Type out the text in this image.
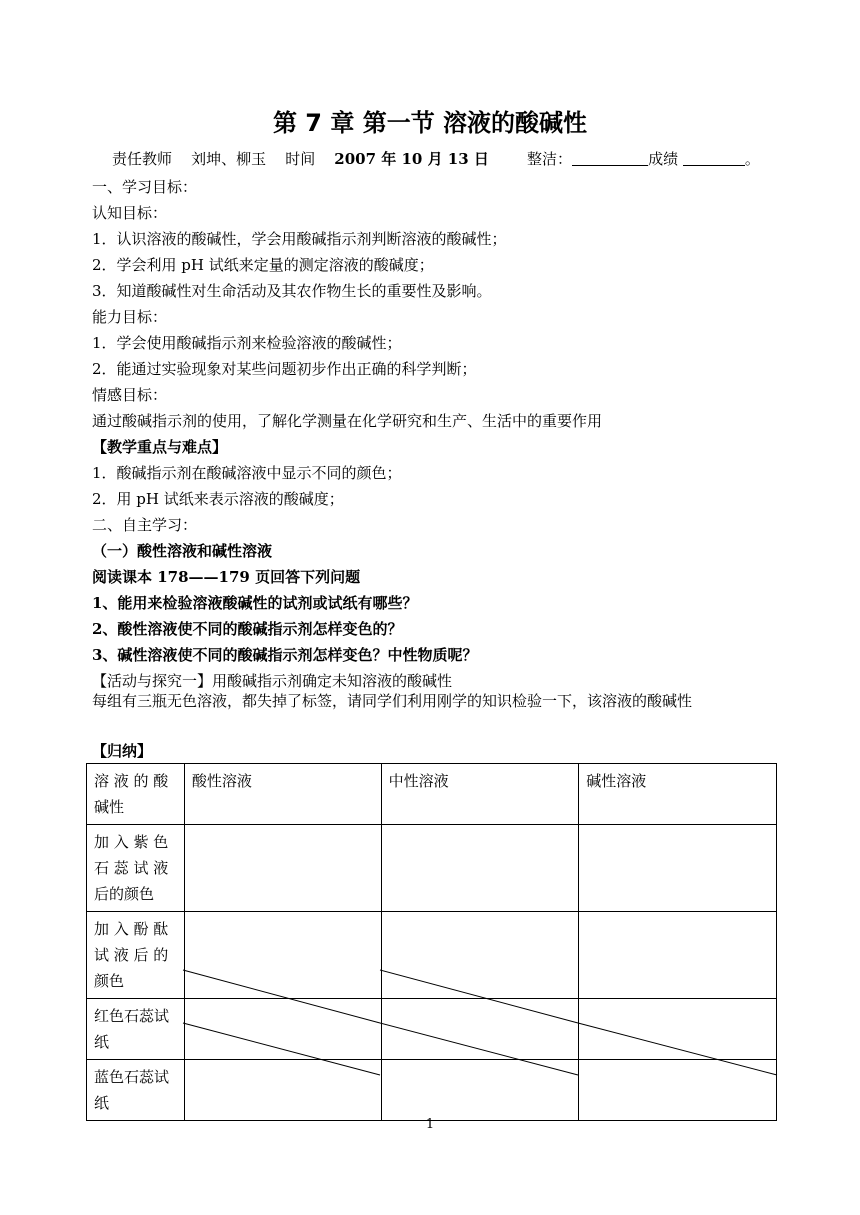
第 7 章 第一节 溶液的酸碱性
责任教师 刘坤、柳玉 时间 2007 年 10 月 13 日	整洁：	成绩	。
一、学习目标：
认知目标：
1．认识溶液的酸碱性，学会用酸碱指示剂判断溶液的酸碱性；
2．学会利用 pH 试纸来定量的测定溶液的酸碱度；
3．知道酸碱性对生命活动及其农作物生长的重要性及影响。
能力目标：
1．学会使用酸碱指示剂来检验溶液的酸碱性；
2．能通过实验现象对某些问题初步作出正确的科学判断；
情感目标：
通过酸碱指示剂的使用，了解化学测量在化学研究和生产、生活中的重要作用
【教学重点与难点】
1．酸碱指示剂在酸碱溶液中显示不同的颜色；
2．用 pH 试纸来表示溶液的酸碱度；
二、自主学习：
（一）酸性溶液和碱性溶液
阅读课本 178——179 页回答下列问题
1、能用来检验溶液酸碱性的试剂或试纸有哪些？
2、酸性溶液使不同的酸碱指示剂怎样变色的？
3、碱性溶液使不同的酸碱指示剂怎样变色？中性物质呢？
【活动与探究一】用酸碱指示剂确定未知溶液的酸碱性
每组有三瓶无色溶液，都失掉了标签，请同学们利用刚学的知识检验一下，该溶液的酸碱性
【归纳】
溶 液 的 酸 碱性	酸性溶液	中性溶液	碱性溶液
加 入 紫 色 石 蕊 试 液 后的颜色			
加 入 酚 酞 试 液 后 的 颜色			
红色石蕊试纸			
蓝色石蕊试纸			
1
